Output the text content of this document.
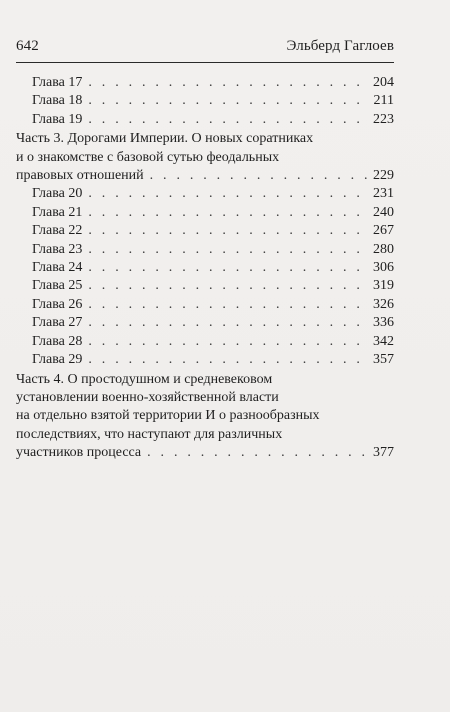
642	Эльберд Гаглоев
Глава 17 . . .	204
Глава 18 . . .	211
Глава 19 . . .	223
Часть 3. Дорогами Империи. О новых соратниках
и о знакомстве с базовой сутью феодальных
правовых отношений . . .	229
Глава 20 . . .	231
Глава 21 . . .	240
Глава 22 . . .	267
Глава 23 . . .	280
Глава 24 . . .	306
Глава 25 . . .	319
Глава 26 . . .	326
Глава 27 . . .	336
Глава 28 . . .	342
Глава 29 . . .	357
Часть 4. О простодушном и средневековом
установлении военно-хозяйственной власти
на отдельно взятой территории И о разнообразных
последствиях, что наступают для различных
участников процесса . . .	377
